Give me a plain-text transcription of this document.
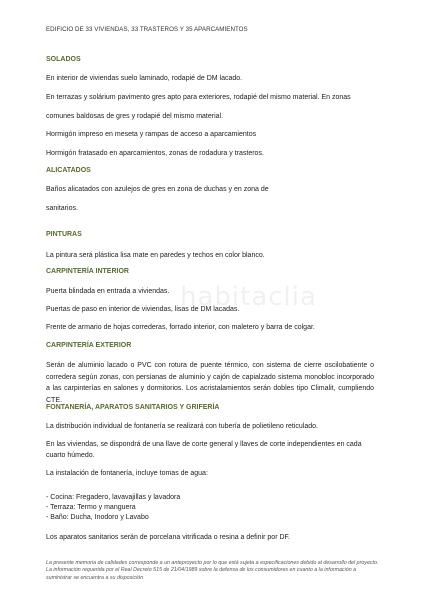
EDIFICIO DE 33 VIVIENDAS, 33 TRASTEROS Y 35 APARCAMIENTOS
habitaclia
SOLADOS
En interior de viviendas suelo laminado, rodapié de DM lacado.
En terrazas y solárium pavimento gres apto para exteriores, rodapié del mismo material. En zonas
comunes baldosas de gres y rodapié del mismo material.
Hormigón impreso en meseta y rampas de acceso a aparcamientos
Hormigón fratasado en aparcamientos, zonas de rodadura y trasteros.
ALICATADOS
Baños alicatados con azulejos de gres en zona de duchas y en zona de
sanitarios.
PINTURAS
La pintura será plástica lisa mate en paredes y techos en color blanco.
CARPINTERÍA INTERIOR
Puerta blindada en entrada a viviendas.
Puertas de paso en interior de viviendas, lisas de DM lacadas.
Frente de armario de hojas correderas, forrado interior, con maletero y barra de colgar.
CARPINTERÍA EXTERIOR

Serán de aluminio lacado o PVC con rotura de puente térmico, con sistema de cierre oscilobatiente o corredera según zonas, con persianas de aluminio y cajón de capialzado sistema monobloc incorporado a las carpinterías en salones y dormitorios. Los acristalamientos serán dobles tipo Climalit, cumpliendo CTE.

FONTANERÍA, APARATOS SANITARIOS Y GRIFERÍA
La distribución individual de fontanería se realizará con tubería de polietileno reticulado.
En las viviendas, se dispondrá de una llave de corte general y llaves de corte independientes en cada
cuarto húmedo.
La instalación de fontanería, incluye tomas de agua:
- Cocina: Fregadero, lavavajillas y lavadora
- Terraza: Termo y manguera
- Baño: Ducha, Inodoro y Lavabo
Los aparatos sanitarios serán de porcelana vitrificada o resina a definir por DF.

La presente memoria de calidades corresponde a un anteproyecto por lo que está sujeta a especificaciones debido al desarrollo del proyecto. La información requerida por el Real Decreto 515 de 21/04/1989 sobre la defensa de los consumidores en cuanto a la información a suministrar se encuentra a su disposición
